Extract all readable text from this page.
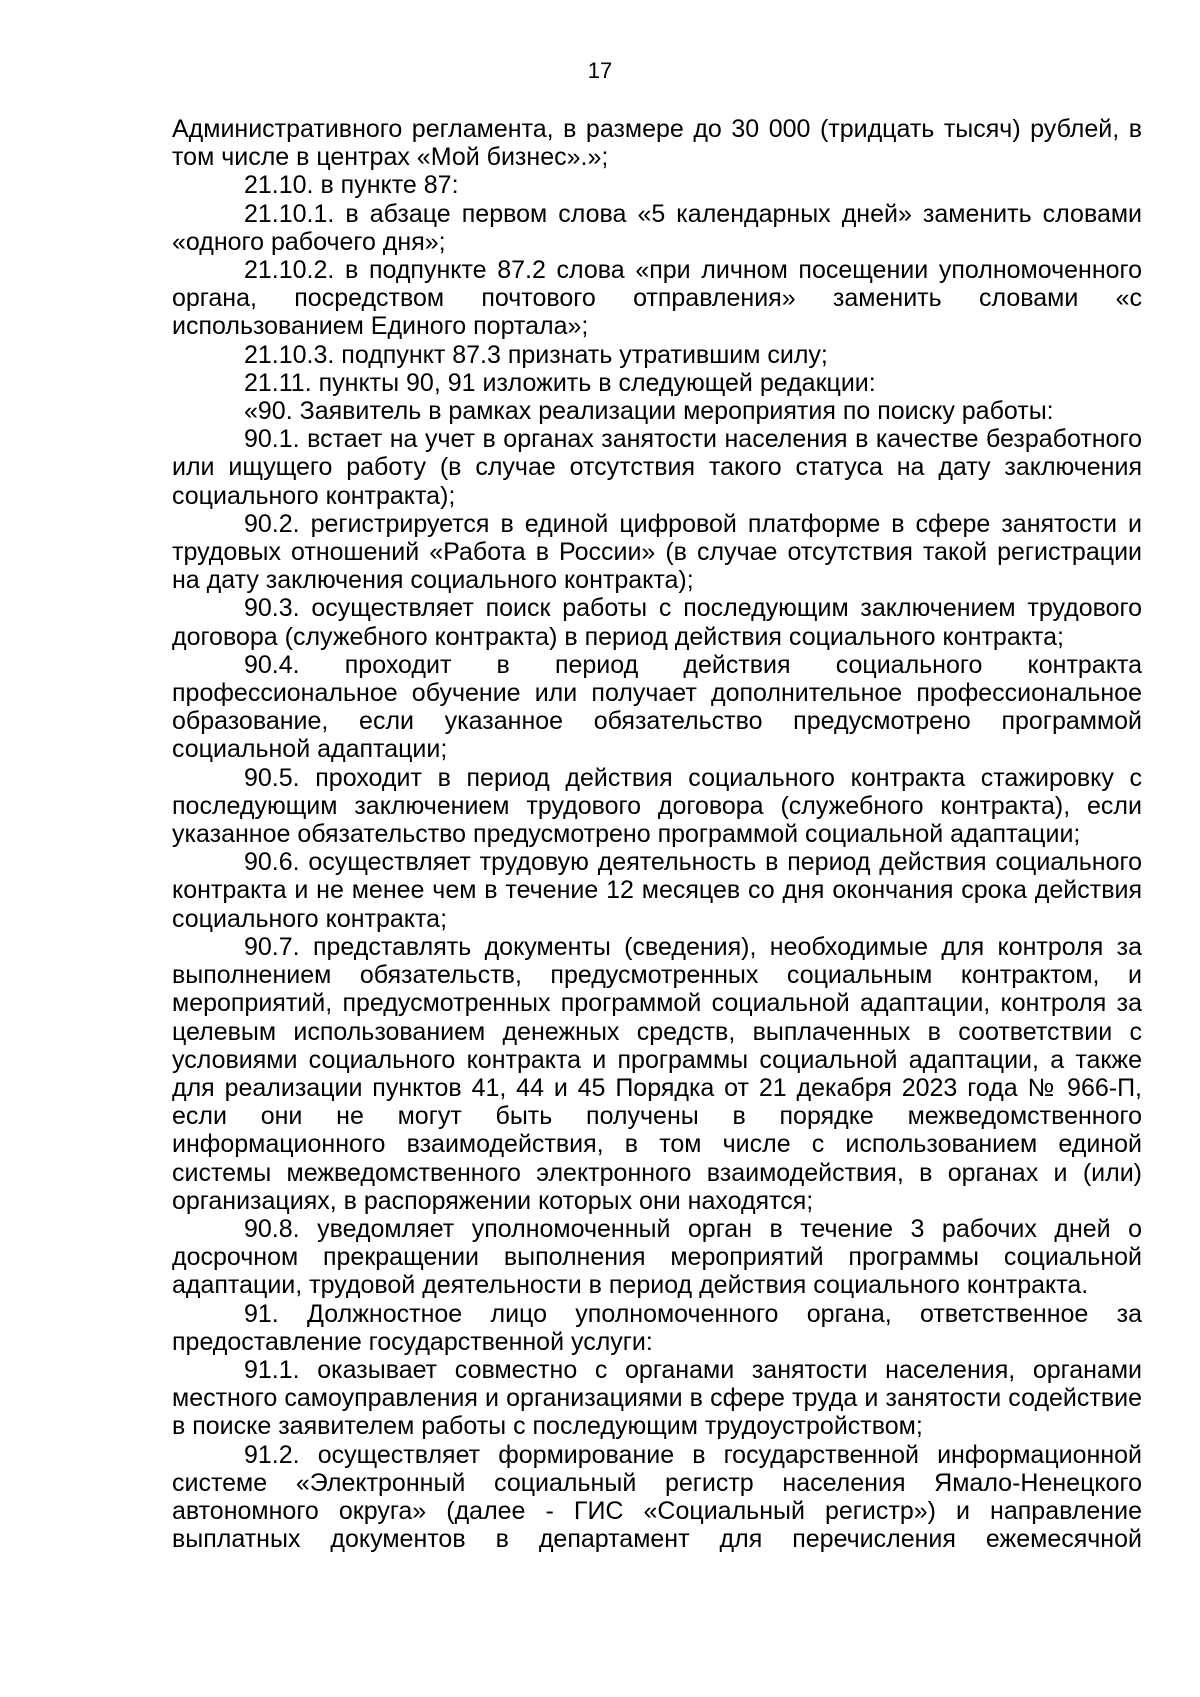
17

Административного регламента, в размере до 30 000 (тридцать тысяч) рублей, в том числе в центрах «Мой бизнес».»;

21.10. в пункте 87:

21.10.1. в абзаце первом слова «5 календарных дней» заменить словами «одного рабочего дня»;

21.10.2. в подпункте 87.2 слова «при личном посещении уполномоченного органа, посредством почтового отправления» заменить словами «с использованием Единого портала»;

21.10.3. подпункт 87.3 признать утратившим силу;

21.11. пункты 90, 91 изложить в следующей редакции:

«90. Заявитель в рамках реализации мероприятия по поиску работы:

90.1. встает на учет в органах занятости населения в качестве безработного или ищущего работу (в случае отсутствия такого статуса на дату заключения социального контракта);

90.2. регистрируется в единой цифровой платформе в сфере занятости и трудовых отношений «Работа в России» (в случае отсутствия такой регистрации на дату заключения социального контракта);

90.3. осуществляет поиск работы с последующим заключением трудового договора (служебного контракта) в период действия социального контракта;

90.4. проходит в период действия социального контракта профессиональное обучение или получает дополнительное профессиональное образование, если указанное обязательство предусмотрено программой социальной адаптации;

90.5. проходит в период действия социального контракта стажировку с последующим заключением трудового договора (служебного контракта), если указанное обязательство предусмотрено программой социальной адаптации;

90.6. осуществляет трудовую деятельность в период действия социального контракта и не менее чем в течение 12 месяцев со дня окончания срока действия социального контракта;

90.7. представлять документы (сведения), необходимые для контроля за выполнением обязательств, предусмотренных социальным контрактом, и мероприятий, предусмотренных программой социальной адаптации, контроля за целевым использованием денежных средств, выплаченных в соответствии с условиями социального контракта и программы социальной адаптации, а также для реализации пунктов 41, 44 и 45 Порядка от 21 декабря 2023 года № 966-П, если они не могут быть получены в порядке межведомственного информационного взаимодействия, в том числе с использованием единой системы межведомственного электронного взаимодействия, в органах и (или) организациях, в распоряжении которых они находятся;

90.8. уведомляет уполномоченный орган в течение 3 рабочих дней о досрочном прекращении выполнения мероприятий программы социальной адаптации, трудовой деятельности в период действия социального контракта.

91. Должностное лицо уполномоченного органа, ответственное за предоставление государственной услуги:

91.1. оказывает совместно с органами занятости населения, органами местного самоуправления и организациями в сфере труда и занятости содействие в поиске заявителем работы с последующим трудоустройством;

91.2. осуществляет формирование в государственной информационной системе «Электронный социальный регистр населения Ямало-Ненецкого автономного округа» (далее - ГИС «Социальный регистр») и направление выплатных документов в департамент для перечисления ежемесячной
